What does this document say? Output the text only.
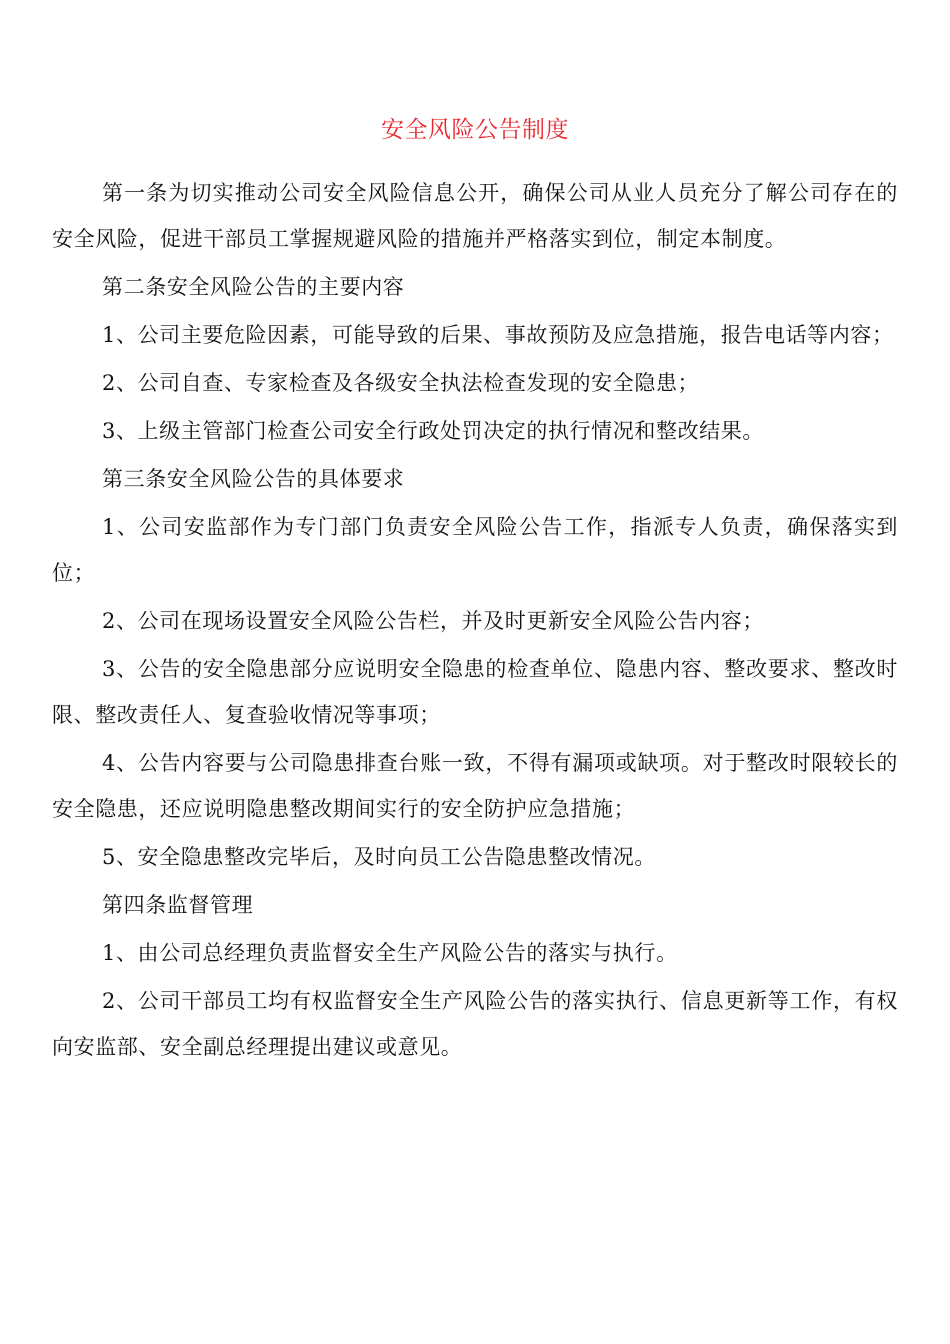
安全风险公告制度

第一条为切实推动公司安全风险信息公开，确保公司从业人员充分了解公司存在的安全风险，促进干部员工掌握规避风险的措施并严格落实到位，制定本制度。

第二条安全风险公告的主要内容

1、公司主要危险因素，可能导致的后果、事故预防及应急措施，报告电话等内容；

2、公司自查、专家检查及各级安全执法检查发现的安全隐患；

3、上级主管部门检查公司安全行政处罚决定的执行情况和整改结果。

第三条安全风险公告的具体要求

1、公司安监部作为专门部门负责安全风险公告工作，指派专人负责，确保落实到位；

2、公司在现场设置安全风险公告栏，并及时更新安全风险公告内容；

3、公告的安全隐患部分应说明安全隐患的检查单位、隐患内容、整改要求、整改时限、整改责任人、复查验收情况等事项；

4、公告内容要与公司隐患排查台账一致，不得有漏项或缺项。对于整改时限较长的安全隐患，还应说明隐患整改期间实行的安全防护应急措施；

5、安全隐患整改完毕后，及时向员工公告隐患整改情况。

第四条监督管理

1、由公司总经理负责监督安全生产风险公告的落实与执行。

2、公司干部员工均有权监督安全生产风险公告的落实执行、信息更新等工作，有权向安监部、安全副总经理提出建议或意见。
